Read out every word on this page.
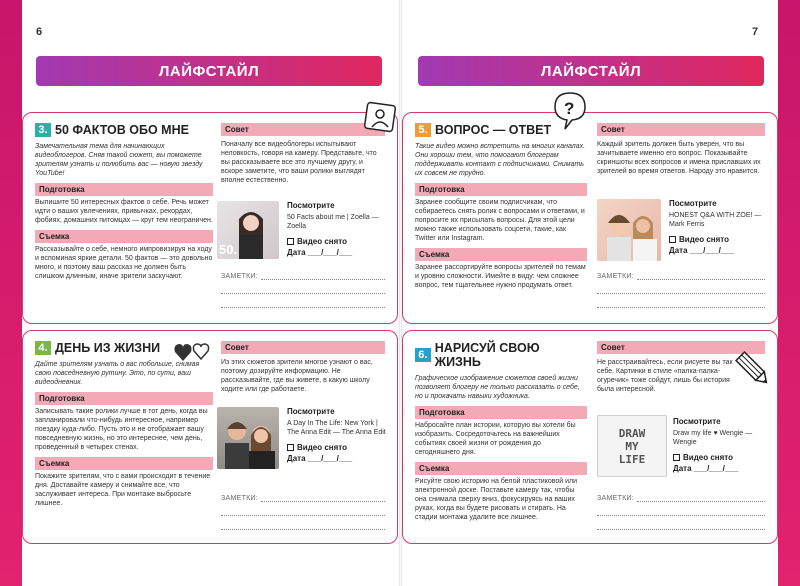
6	7
ЛАЙФСТАЙЛ	ЛАЙФСТАЙЛ
3. 50 ФАКТОВ ОБО МНЕ
Замечательная тема для начинающих видеоблогеров. Сняв такой сюжет, вы поможете зрителям узнать и полюбить вас — новую звезду YouTube!
Подготовка
Выпишите 50 интересных фактов о себе. Речь может идти о ваших увлечениях, привычках, рекордах, фобиях, домашних питомцах — круг тем неограничен.
Съемка
Рассказывайте о себе, немного импровизируя на ходу и вспоминая яркие детали. 50 фактов — это довольно много, и поэтому ваш рассказ не должен быть слишком длинным, иначе зрители заскучают.
Совет
Поначалу все видеоблогеры испытывают неловкость, говоря на камеру. Представьте, что вы рассказываете все это лучшему другу, и вскоре заметите, что ваши ролики выглядят вполне естественно.
50.
Посмотрите
50 Facts about me | Zoella — Zoella
Видео снято
Дата ___/___/___
ЗАМЕТКИ:
4. ДЕНЬ ИЗ ЖИЗНИ
Дайте зрителям узнать о вас побольше, снимая свою повседневную рутину. Это, по сути, ваш видеодневник.
Подготовка
Записывать такие ролики лучше в тот день, когда вы запланировали что-нибудь интересное, например поездку куда-либо. Пусть это и не отображает вашу повседневную жизнь, но это интереснее, чем день, проведенный в четырех стенах.
Съемка
Покажите зрителям, что с вами происходит в течение дня. Доставайте камеру и снимайте все, что заслуживает интереса. При монтаже выбросьте лишнее.
Совет
Из этих сюжетов зрители многое узнают о вас, поэтому дозируйте информацию. Не рассказывайте, где вы живете, в какую школу ходите или где работаете.
Посмотрите
A Day In The Life: New York | The Anna Edit — The Anna Edit
Видео снято
Дата ___/___/___
ЗАМЕТКИ:
5. ВОПРОС — ОТВЕТ
Такие видео можно встретить на многих каналах. Они хороши тем, что помогают блогерам поддерживать контакт с подписчиками. Снимать их совсем не трудно.
Подготовка
Заранее сообщите своим подписчикам, что собираетесь снять ролик с вопросами и ответами, и попросите их присылать вопросы. Для этой цели можно также использовать соцсети, такие, как Twitter или Instagram.
Съемка
Заранее рассортируйте вопросы зрителей по темам и уровню сложности. Имейте в виду: чем сложнее вопрос, тем тщательнее нужно продумать ответ.
Совет
Каждый зритель должен быть уверен, что вы зачитываете именно его вопрос. Показывайте скриншоты всех вопросов и имена приславших их зрителей во время ответов. Народу это нравится.
Посмотрите
HONEST Q&A WITH ZOE! — Mark Ferris
Видео снято
Дата ___/___/___
ЗАМЕТКИ:
?
6. НАРИСУЙ СВОЮ ЖИЗНЬ
Графическое изображение сюжетов своей жизни позволяет блогеру не только рассказать о себе, но и прокачать навыки художника.
Подготовка
Набросайте план истории, которую вы хотели бы изобразить. Сосредоточьтесь на важнейших событиях своей жизни от рождения до сегодняшнего дня.
Съемка
Рисуйте свою историю на белой пластиковой или электронной доске. Поставьте камеру так, чтобы она снимала сверху вниз, фокусируясь на ваших руках, когда вы будете рисовать и стирать. На стадии монтажа удалите все лишнее.
Совет
Не расстраивайтесь, если рисуете вы так себе. Картинки в стиле «палка-палка-огуречик» тоже сойдут, лишь бы история была интересной.
DRAW MY LIFE
Посмотрите
Draw my life ♥ Wengie — Wengie
Видео снято
Дата ___/___/___
ЗАМЕТКИ:
